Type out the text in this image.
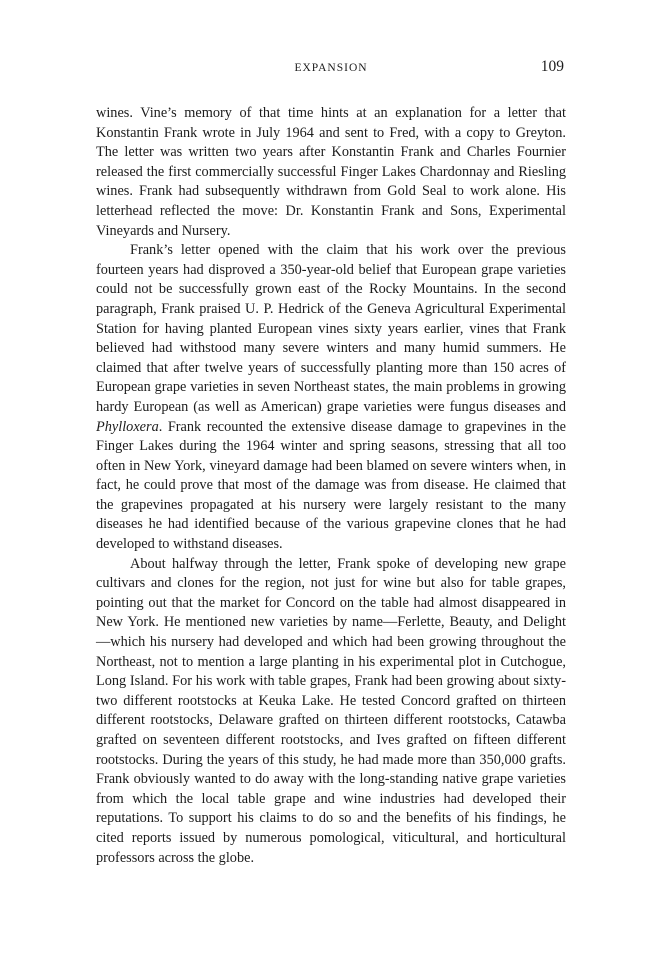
EXPANSION	109

wines. Vine’s memory of that time hints at an explanation for a letter that Konstantin Frank wrote in July 1964 and sent to Fred, with a copy to Greyton. The letter was written two years after Konstantin Frank and Charles Fournier released the first commercially successful Finger Lakes Chardonnay and Riesling wines. Frank had subsequently withdrawn from Gold Seal to work alone. His letterhead reflected the move: Dr. Konstantin Frank and Sons, Experimental Vineyards and Nursery.

Frank’s letter opened with the claim that his work over the previous fourteen years had disproved a 350-year-old belief that European grape varieties could not be successfully grown east of the Rocky Mountains. In the second paragraph, Frank praised U. P. Hedrick of the Geneva Agricultural Experimental Station for having planted European vines sixty years earlier, vines that Frank believed had withstood many severe winters and many humid summers. He claimed that after twelve years of successfully planting more than 150 acres of European grape varieties in seven Northeast states, the main problems in growing hardy European (as well as American) grape varieties were fungus diseases and Phylloxera. Frank recounted the extensive disease damage to grapevines in the Finger Lakes during the 1964 winter and spring seasons, stressing that all too often in New York, vineyard damage had been blamed on severe winters when, in fact, he could prove that most of the damage was from disease. He claimed that the grapevines propagated at his nursery were largely resistant to the many diseases he had identified because of the various grapevine clones that he had developed to withstand diseases.

About halfway through the letter, Frank spoke of developing new grape cultivars and clones for the region, not just for wine but also for table grapes, pointing out that the market for Concord on the table had almost disappeared in New York. He mentioned new varieties by name—Ferlette, Beauty, and Delight—which his nursery had developed and which had been growing throughout the Northeast, not to mention a large planting in his experimental plot in Cutchogue, Long Island. For his work with table grapes, Frank had been growing about sixty-two different rootstocks at Keuka Lake. He tested Concord grafted on thirteen different rootstocks, Delaware grafted on thirteen different rootstocks, Catawba grafted on seventeen different rootstocks, and Ives grafted on fifteen different rootstocks. During the years of this study, he had made more than 350,000 grafts. Frank obviously wanted to do away with the long-standing native grape varieties from which the local table grape and wine industries had developed their reputations. To support his claims to do so and the benefits of his findings, he cited reports issued by numerous pomological, viticultural, and horticultural professors across the globe.
